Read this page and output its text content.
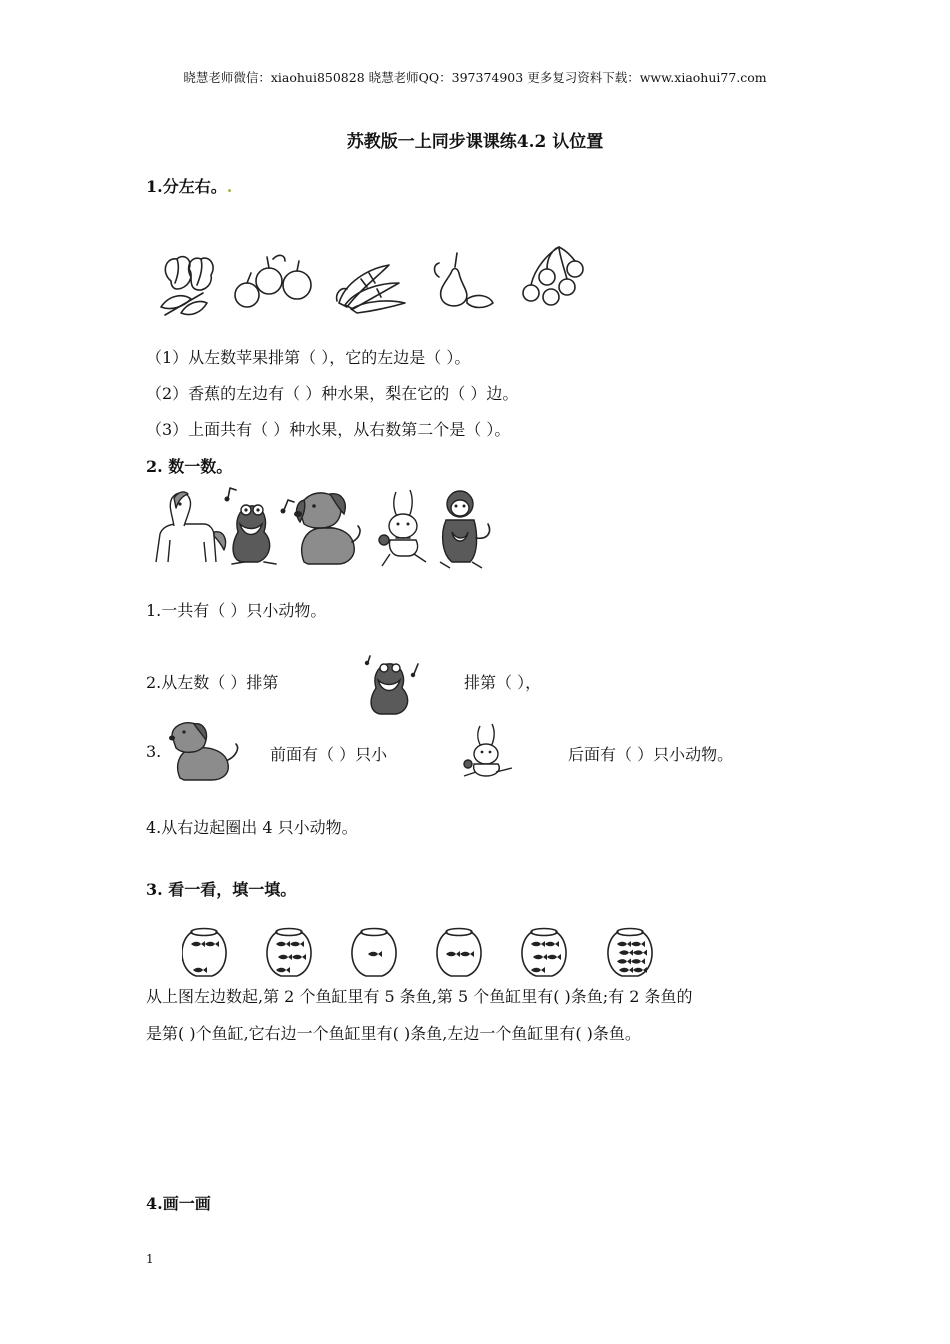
晓慧老师微信：xiaohui850828 晓慧老师QQ：397374903 更多复习资料下载：www.xiaohui77.com
苏教版一上同步课课练4.2 认位置
1.分左右。.
（1）从左数苹果排第（ ），它的左边是（ ）。
（2）香蕉的左边有（ ）种水果，梨在它的（ ）边。
（3）上面共有（ ）种水果，从右数第二个是（ ）。
2. 数一数。
1.一共有（ ）只小动物。
2.从左数（ ）排第	排第（ ），
3.	前面有（ ）只小	后面有（ ）只小动物。
4.从右边起圈出 4 只小动物。
3. 看一看，填一填。
从上图左边数起,第 2 个鱼缸里有 5 条鱼,第 5 个鱼缸里有( )条鱼;有 2 条鱼的
是第( )个鱼缸,它右边一个鱼缸里有( )条鱼,左边一个鱼缸里有( )条鱼。
4.画一画
1
